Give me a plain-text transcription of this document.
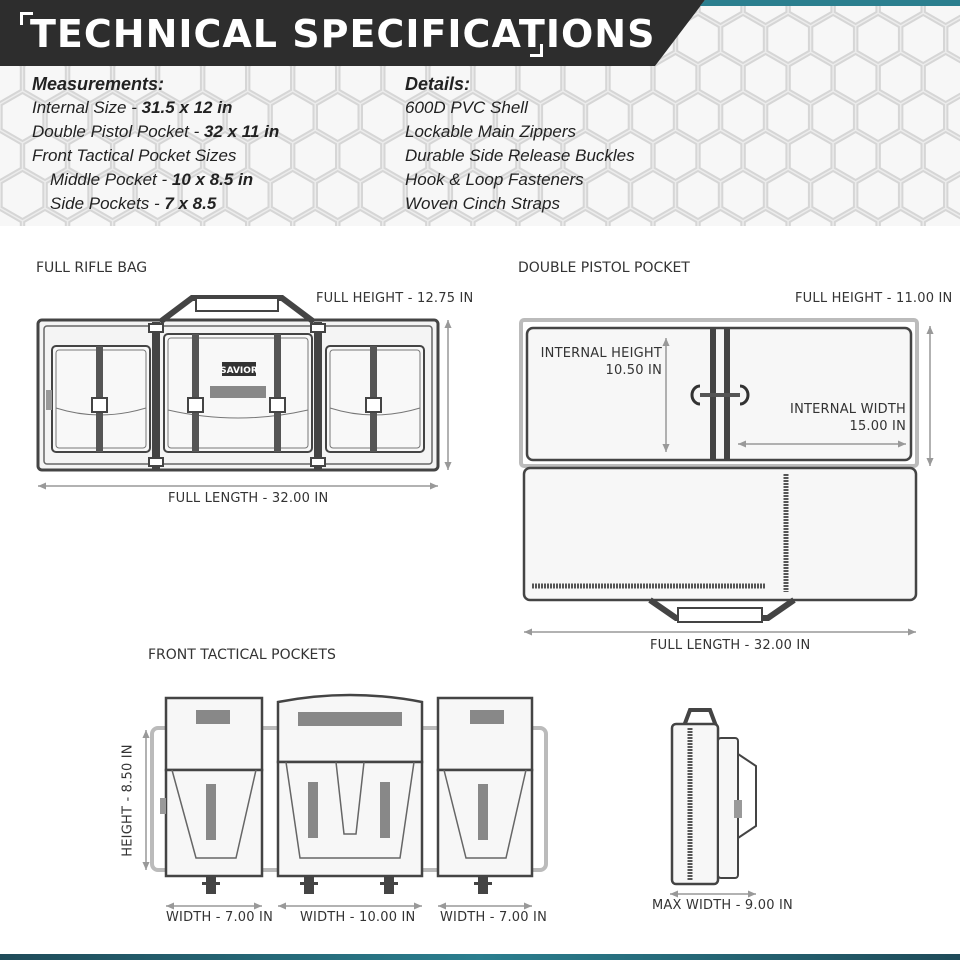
TECHNICAL SPECIFICATIONS
Measurements:
Internal Size - 31.5 x 12 in
Double Pistol Pocket - 32 x 11 in
Front Tactical Pocket Sizes
Middle Pocket - 10 x 8.5 in
Side Pockets - 7 x 8.5
Details:
600D PVC Shell
Lockable Main Zippers
Durable Side Release Buckles
Hook & Loop Fasteners
Woven Cinch Straps
SAVIOR
FULL RIFLE BAG
FULL HEIGHT - 12.75 IN
FULL LENGTH - 32.00 IN
DOUBLE PISTOL POCKET
FULL HEIGHT - 11.00 IN
INTERNAL HEIGHT
10.50 IN
INTERNAL WIDTH
15.00 IN
FULL LENGTH - 32.00 IN
FRONT TACTICAL POCKETS
HEIGHT - 8.50 IN
WIDTH - 7.00 IN WIDTH - 10.00 IN WIDTH - 7.00 IN
MAX WIDTH - 9.00 IN
